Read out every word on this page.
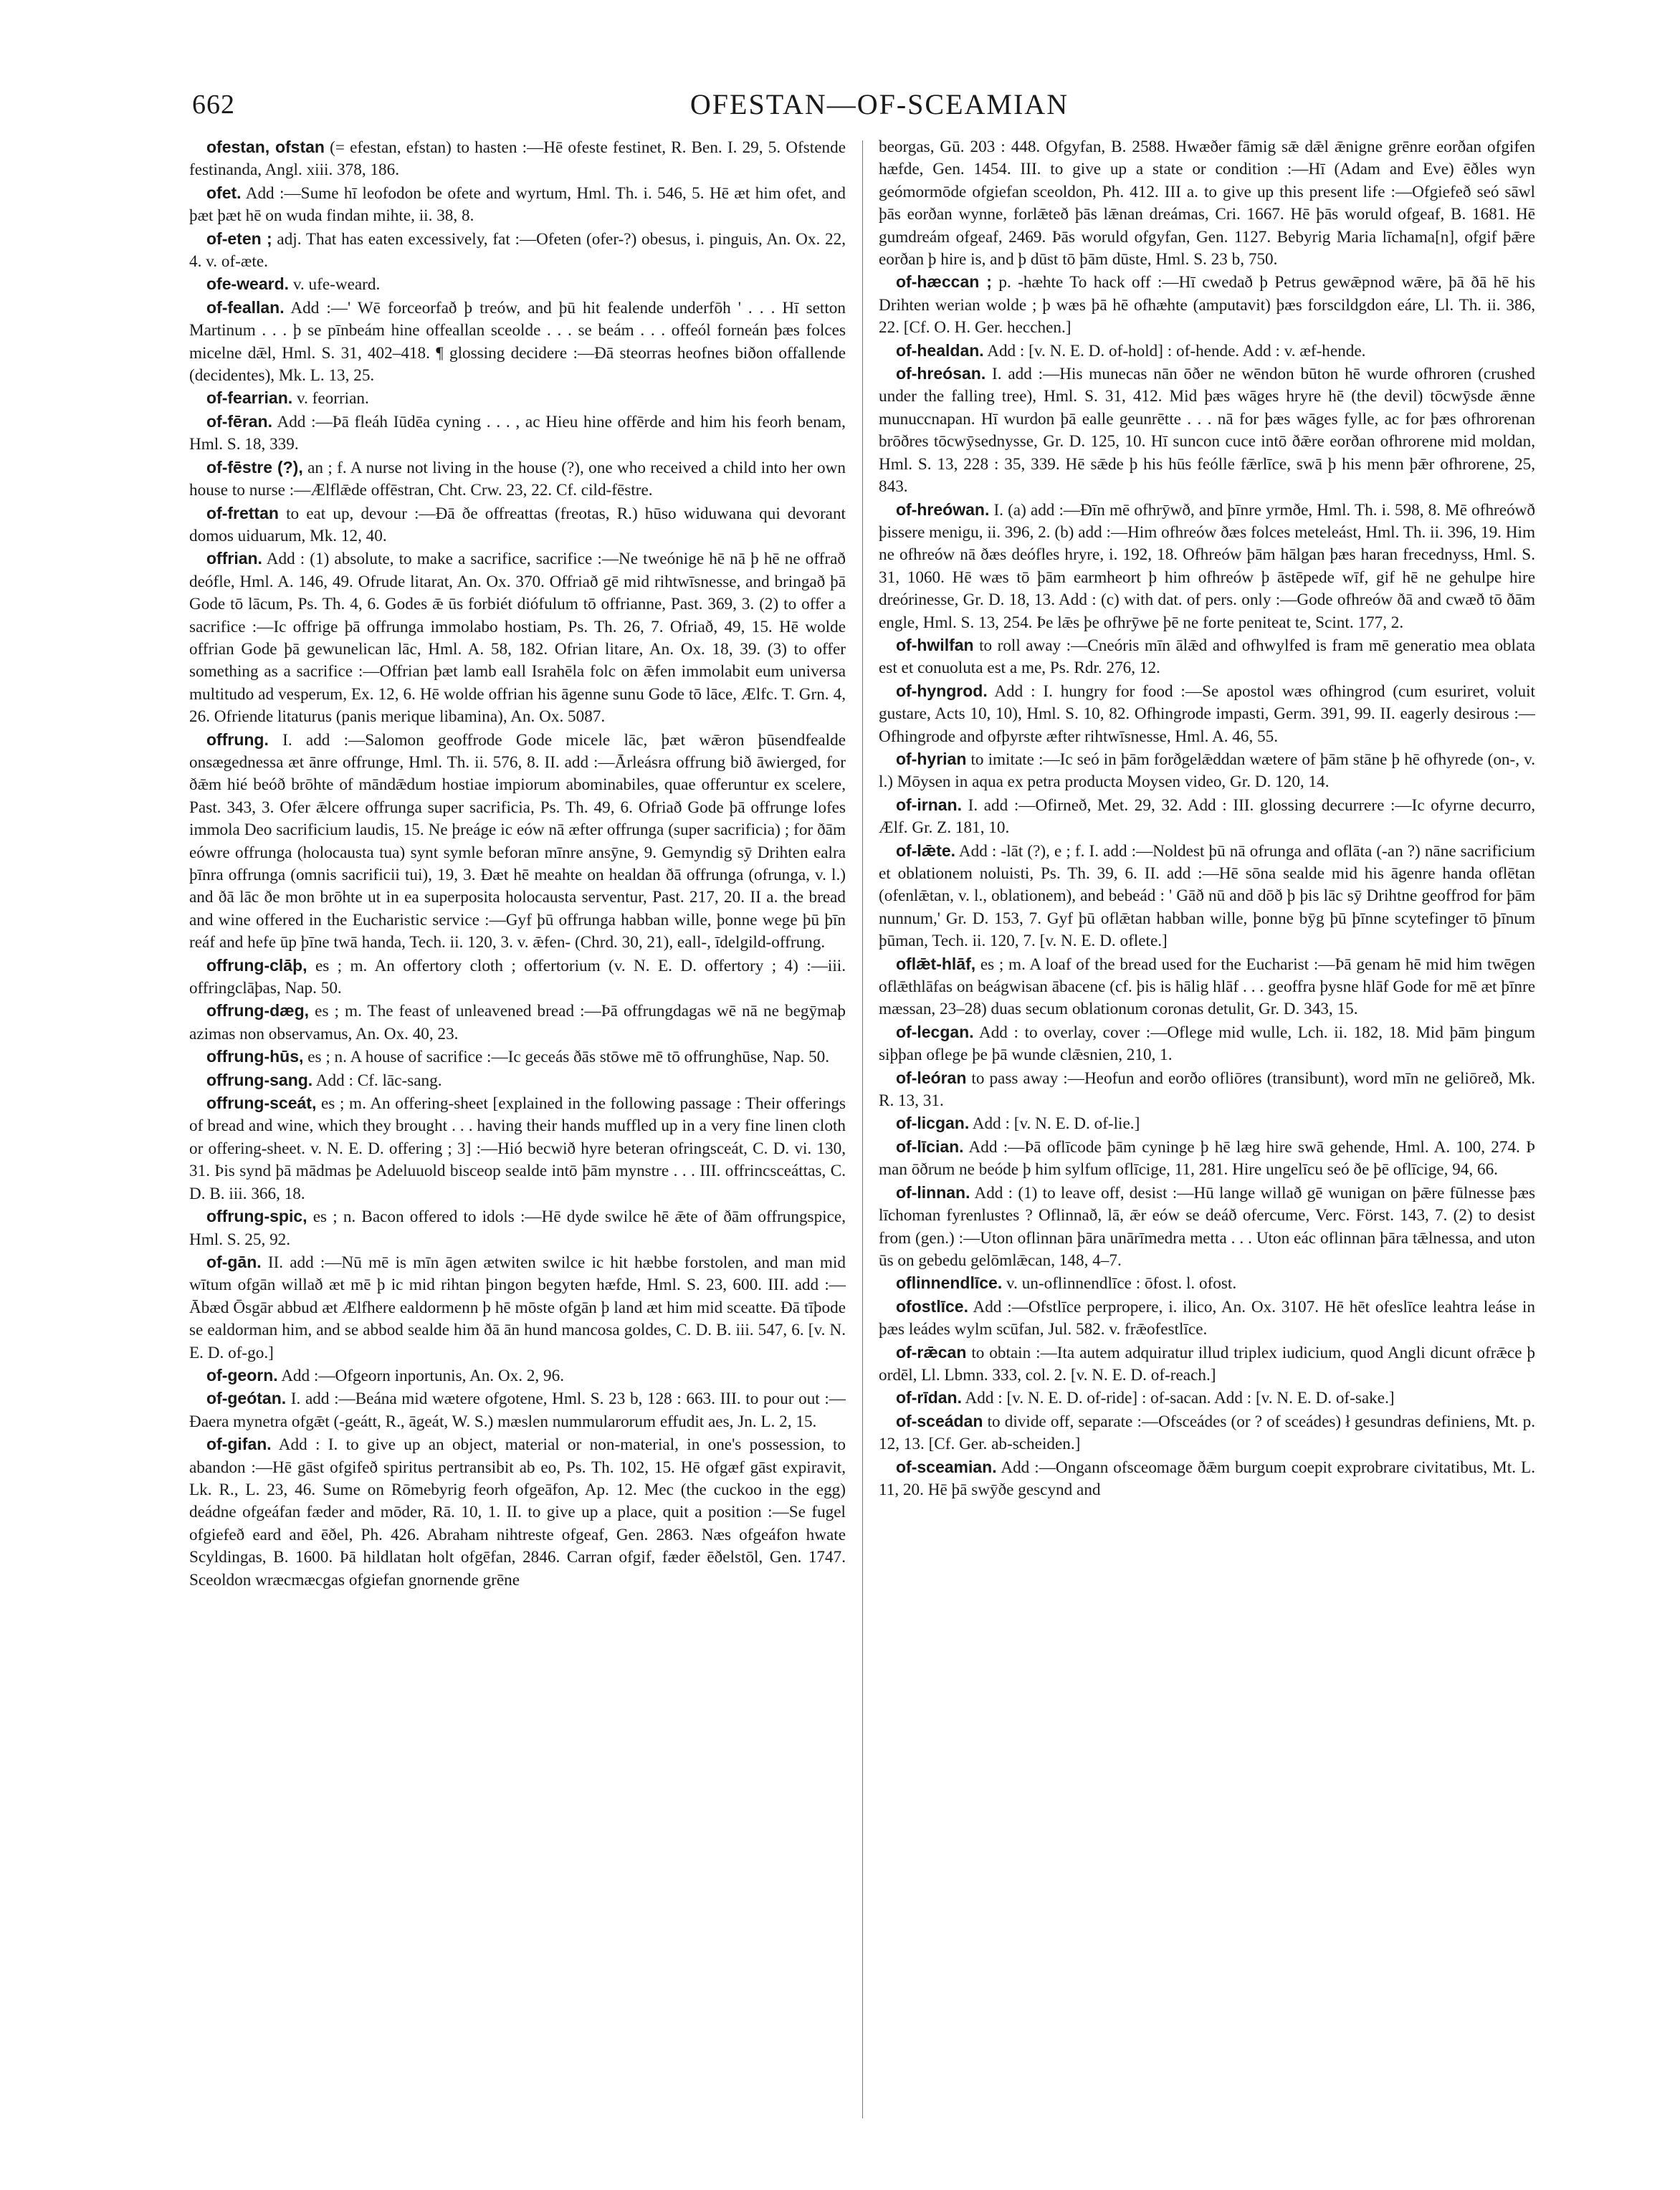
662	OFESTAN—OF-SCEAMIAN

ofestan, ofstan (= efestan, efstan) to hasten :—Hē ofeste festinet, R. Ben. I. 29, 5. Ofstende festinanda, Angl. xiii. 378, 186.

ofet. Add :—Sume hī leofodon be ofete and wyrtum, Hml. Th. i. 546, 5. Hē æt him ofet, and þæt þæt hē on wuda findan mihte, ii. 38, 8.

of-eten ; adj. That has eaten excessively, fat :—Ofeten (ofer-?) obesus, i. pinguis, An. Ox. 22, 4. v. of-æte.

ofe-weard. v. ufe-weard.

of-feallan. Add :—' Wē forceorfað þ treów, and þū hit fealende underfōh ' . . . Hī setton Martinum . . . þ se pīnbeám hine offeallan sceolde . . . se beám . . . offeól forneán þæs folces micelne dǣl, Hml. S. 31, 402–418. ¶ glossing decidere :—Ðā steorras heofnes biðon offallende (decidentes), Mk. L. 13, 25.

of-fearrian. v. feorrian.

of-fēran. Add :—Þā fleáh Iūdēa cyning . . . , ac Hieu hine offērde and him his feorh benam, Hml. S. 18, 339.

of-fēstre (?), an ; f. A nurse not living in the house (?), one who received a child into her own house to nurse :—Ælflǣde offēstran, Cht. Crw. 23, 22. Cf. cild-fēstre.

of-frettan to eat up, devour :—Ðā ðe offreattas (freotas, R.) hūso widuwana qui devorant domos uiduarum, Mk. 12, 40.

offrian. Add : (1) absolute, to make a sacrifice, sacrifice :—Ne tweónige hē nā þ hē ne offrað deófle, Hml. A. 146, 49. Ofrude litarat, An. Ox. 370. Offriað gē mid rihtwīsnesse, and bringað þā Gode tō lācum, Ps. Th. 4, 6. Godes ǣ ūs forbiét diófulum tō offrianne, Past. 369, 3. (2) to offer a sacrifice :—Ic offrige þā offrunga immolabo hostiam, Ps. Th. 26, 7. Ofriað, 49, 15. Hē wolde offrian Gode þā gewunelican lāc, Hml. A. 58, 182. Ofrian litare, An. Ox. 18, 39. (3) to offer something as a sacrifice :—Offrian þæt lamb eall Israhēla folc on ǣfen immolabit eum universa multitudo ad vesperum, Ex. 12, 6. Hē wolde offrian his āgenne sunu Gode tō lāce, Ælfc. T. Grn. 4, 26. Ofriende litaturus (panis merique libamina), An. Ox. 5087.

offrung. I. add :—Salomon geoffrode Gode micele lāc, þæt wǣron þūsendfealde onsægednessa æt ānre offrunge, Hml. Th. ii. 576, 8. II. add :—Ārleásra offrung bið āwierged, for ðǣm hié beóð brōhte of māndǣdum hostiae impiorum abominabiles, quae offeruntur ex scelere, Past. 343, 3. Ofer ǣlcere offrunga super sacrificia, Ps. Th. 49, 6. Ofriað Gode þā offrunge lofes immola Deo sacrificium laudis, 15. Ne þreáge ic eów nā æfter offrunga (super sacrificia) ; for ðām eówre offrunga (holocausta tua) synt symle beforan mīnre ansȳne, 9. Gemyndig sȳ Drihten ealra þīnra offrunga (omnis sacrificii tui), 19, 3. Ðæt hē meahte on healdan ðā offrunga (ofrunga, v. l.) and ðā lāc ðe mon brōhte ut in ea superposita holocausta serventur, Past. 217, 20. II a. the bread and wine offered in the Eucharistic service :—Gyf þū offrunga habban wille, þonne wege þū þīn reáf and hefe ūp þīne twā handa, Tech. ii. 120, 3. v. ǣfen- (Chrd. 30, 21), eall-, īdelgild-offrung.

offrung-clāþ, es ; m. An offertory cloth ; offertorium (v. N. E. D. offertory ; 4) :—iii. offringclāþas, Nap. 50.

offrung-dæg, es ; m. The feast of unleavened bread :—Þā offrungdagas wē nā ne begȳmaþ azimas non observamus, An. Ox. 40, 23.

offrung-hūs, es ; n. A house of sacrifice :—Ic geceás ðās stōwe mē tō offrunghūse, Nap. 50.

offrung-sang. Add : Cf. lāc-sang.

offrung-sceát, es ; m. An offering-sheet [explained in the following passage : Their offerings of bread and wine, which they brought . . . having their hands muffled up in a very fine linen cloth or offering-sheet. v. N. E. D. offering ; 3] :—Hió becwið hyre beteran ofringsceát, C. D. vi. 130, 31. Þis synd þā mādmas þe Adeluuold bisceop sealde intō þām mynstre . . . III. offrincsceáttas, C. D. B. iii. 366, 18.

offrung-spic, es ; n. Bacon offered to idols :—Hē dyde swilce hē ǣte of ðām offrungspice, Hml. S. 25, 92.

of-gān. II. add :—Nū mē is mīn āgen ætwiten swilce ic hit hæbbe forstolen, and man mid wītum ofgān willað æt mē þ ic mid rihtan þingon begyten hæfde, Hml. S. 23, 600. III. add :—Ābæd Ōsgār abbud æt Ælfhere ealdormenn þ hē mōste ofgān þ land æt him mid sceatte. Ðā tīþode se ealdorman him, and se abbod sealde him ðā ān hund mancosa goldes, C. D. B. iii. 547, 6. [v. N. E. D. of-go.]

of-georn. Add :—Ofgeorn inportunis, An. Ox. 2, 96.

of-geótan. I. add :—Beána mid wætere ofgotene, Hml. S. 23 b, 128 : 663. III. to pour out :—Ðaera mynetra ofgǣt (-geátt, R., āgeát, W. S.) mæslen nummularorum effudit aes, Jn. L. 2, 15.

of-gifan. Add : I. to give up an object, material or non-material, in one's possession, to abandon :—Hē gāst ofgifeð spiritus pertransibit ab eo, Ps. Th. 102, 15. Hē ofgæf gāst expiravit, Lk. R., L. 23, 46. Sume on Rōmebyrig feorh ofgeāfon, Ap. 12. Mec (the cuckoo in the egg) deádne ofgeáfan fæder and mōder, Rā. 10, 1. II. to give up a place, quit a position :—Se fugel ofgiefeð eard and ēðel, Ph. 426. Abraham nihtreste ofgeaf, Gen. 2863. Næs ofgeáfon hwate Scyldingas, B. 1600. Þā hildlatan holt ofgēfan, 2846. Carran ofgif, fæder ēðelstōl, Gen. 1747. Sceoldon wræcmæcgas ofgiefan gnornende grēne

beorgas, Gū. 203 : 448. Ofgyfan, B. 2588. Hwæðer fāmig sǣ dǣl ǣnigne grēnre eorðan ofgifen hæfde, Gen. 1454. III. to give up a state or condition :—Hī (Adam and Eve) ēðles wyn geómormōde ofgiefan sceoldon, Ph. 412. III a. to give up this present life :—Ofgiefeð seó sāwl þās eorðan wynne, forlǣteð þās lǣnan dreámas, Cri. 1667. Hē þās woruld ofgeaf, B. 1681. Hē gumdreám ofgeaf, 2469. Þās woruld ofgyfan, Gen. 1127. Bebyrig Maria līchama[n], ofgif þǣre eorðan þ hire is, and þ dūst tō þām dūste, Hml. S. 23 b, 750.

of-hæccan ; p. -hæhte To hack off :—Hī cwedað þ Petrus gewǣpnod wǣre, þā ðā hē his Drihten werian wolde ; þ wæs þā hē ofhæhte (amputavit) þæs forscildgdon eáre, Ll. Th. ii. 386, 22. [Cf. O. H. Ger. hecchen.]

of-healdan. Add : [v. N. E. D. of-hold] : of-hende. Add : v. æf-hende.

of-hreósan. I. add :—His munecas nān ōðer ne wēndon būton hē wurde ofhroren (crushed under the falling tree), Hml. S. 31, 412. Mid þæs wāges hryre hē (the devil) tōcwȳsde ǣnne munuccnapan. Hī wurdon þā ealle geunrētte . . . nā for þæs wāges fylle, ac for þæs ofhrorenan brōðres tōcwȳsednysse, Gr. D. 125, 10. Hī suncon cuce intō ðǣre eorðan ofhrorene mid moldan, Hml. S. 13, 228 : 35, 339. Hē sǣde þ his hūs feólle fǣrlīce, swā þ his menn þǣr ofhrorene, 25, 843.

of-hreówan. I. (a) add :—Ðīn mē ofhrȳwð, and þīnre yrmðe, Hml. Th. i. 598, 8. Mē ofhreówð þissere menigu, ii. 396, 2. (b) add :—Him ofhreów ðæs folces meteleást, Hml. Th. ii. 396, 19. Him ne ofhreów nā ðæs deófles hryre, i. 192, 18. Ofhreów þām hālgan þæs haran frecednyss, Hml. S. 31, 1060. Hē wæs tō þām earmheort þ him ofhreów þ āstēpede wīf, gif hē ne gehulpe hire dreórinesse, Gr. D. 18, 13. Add : (c) with dat. of pers. only :—Gode ofhreów ðā and cwæð tō ðām engle, Hml. S. 13, 254. Þe lǣs þe ofhrȳwe þē ne forte peniteat te, Scint. 177, 2.

of-hwilfan to roll away :—Cneóris mīn ālǣd and ofhwylfed is fram mē generatio mea oblata est et conuoluta est a me, Ps. Rdr. 276, 12.

of-hyngrod. Add : I. hungry for food :—Se apostol wæs ofhingrod (cum esuriret, voluit gustare, Acts 10, 10), Hml. S. 10, 82. Ofhingrode impasti, Germ. 391, 99. II. eagerly desirous :—Ofhingrode and ofþyrste æfter rihtwīsnesse, Hml. A. 46, 55.

of-hyrian to imitate :—Ic seó in þām forðgelǣddan wætere of þām stāne þ hē ofhyrede (on-, v. l.) Mōysen in aqua ex petra producta Moysen video, Gr. D. 120, 14.

of-irnan. I. add :—Ofirneð, Met. 29, 32. Add : III. glossing decurrere :—Ic ofyrne decurro, Ælf. Gr. Z. 181, 10.

of-lǣte. Add : -lāt (?), e ; f. I. add :—Noldest þū nā ofrunga and oflāta (-an ?) nāne sacrificium et oblationem noluisti, Ps. Th. 39, 6. II. add :—Hē sōna sealde mid his āgenre handa oflētan (ofenlǣtan, v. l., oblationem), and bebeád : ' Gāð nū and dōð þ þis lāc sȳ Drihtne geoffrod for þām nunnum,' Gr. D. 153, 7. Gyf þū oflǣtan habban wille, þonne bȳg þū þīnne scytefinger tō þīnum þūman, Tech. ii. 120, 7. [v. N. E. D. oflete.]

oflǣt-hlāf, es ; m. A loaf of the bread used for the Eucharist :—Þā genam hē mid him twēgen oflǣthlāfas on beágwisan ābacene (cf. þis is hālig hlāf . . . geoffra þysne hlāf Gode for mē æt þīnre mæssan, 23–28) duas secum oblationum coronas detulit, Gr. D. 343, 15.

of-lecgan. Add : to overlay, cover :—Oflege mid wulle, Lch. ii. 182, 18. Mid þām þingum siþþan oflege þe þā wunde clǣsnien, 210, 1.

of-leóran to pass away :—Heofun and eorðo ofliōres (transibunt), word mīn ne geliōreð, Mk. R. 13, 31.

of-licgan. Add : [v. N. E. D. of-lie.]

of-līcian. Add :—Þā oflīcode þām cyninge þ hē læg hire swā gehende, Hml. A. 100, 274. Þ man ōðrum ne beóde þ him sylfum oflīcige, 11, 281. Hire ungelīcu seó ðe þē oflīcige, 94, 66.

of-linnan. Add : (1) to leave off, desist :—Hū lange willað gē wunigan on þǣre fūlnesse þæs līchoman fyrenlustes ? Oflinnað, lā, ǣr eów se deáð ofercume, Verc. Först. 143, 7. (2) to desist from (gen.) :—Uton oflinnan þāra unārīmedra metta . . . Uton eác oflinnan þāra tǣlnessa, and uton ūs on gebedu gelōmlǣcan, 148, 4–7.

oflinnendlīce. v. un-oflinnendlīce : ōfost. l. ofost.

ofostlīce. Add :—Ofstlīce perpropere, i. ilico, An. Ox. 3107. Hē hēt ofeslīce leahtra leáse in þæs leádes wylm scūfan, Jul. 582. v. frǣofestlīce.

of-rǣcan to obtain :—Ita autem adquiratur illud triplex iudicium, quod Angli dicunt ofrǣce þ ordēl, Ll. Lbmn. 333, col. 2. [v. N. E. D. of-reach.]

of-rīdan. Add : [v. N. E. D. of-ride] : of-sacan. Add : [v. N. E. D. of-sake.]

of-sceádan to divide off, separate :—Ofsceádes (or ? of sceádes) ł gesundras definiens, Mt. p. 12, 13. [Cf. Ger. ab-scheiden.]

of-sceamian. Add :—Ongann ofsceomage ðǣm burgum coepit exprobrare civitatibus, Mt. L. 11, 20. Hē þā swȳðe gescynd and
